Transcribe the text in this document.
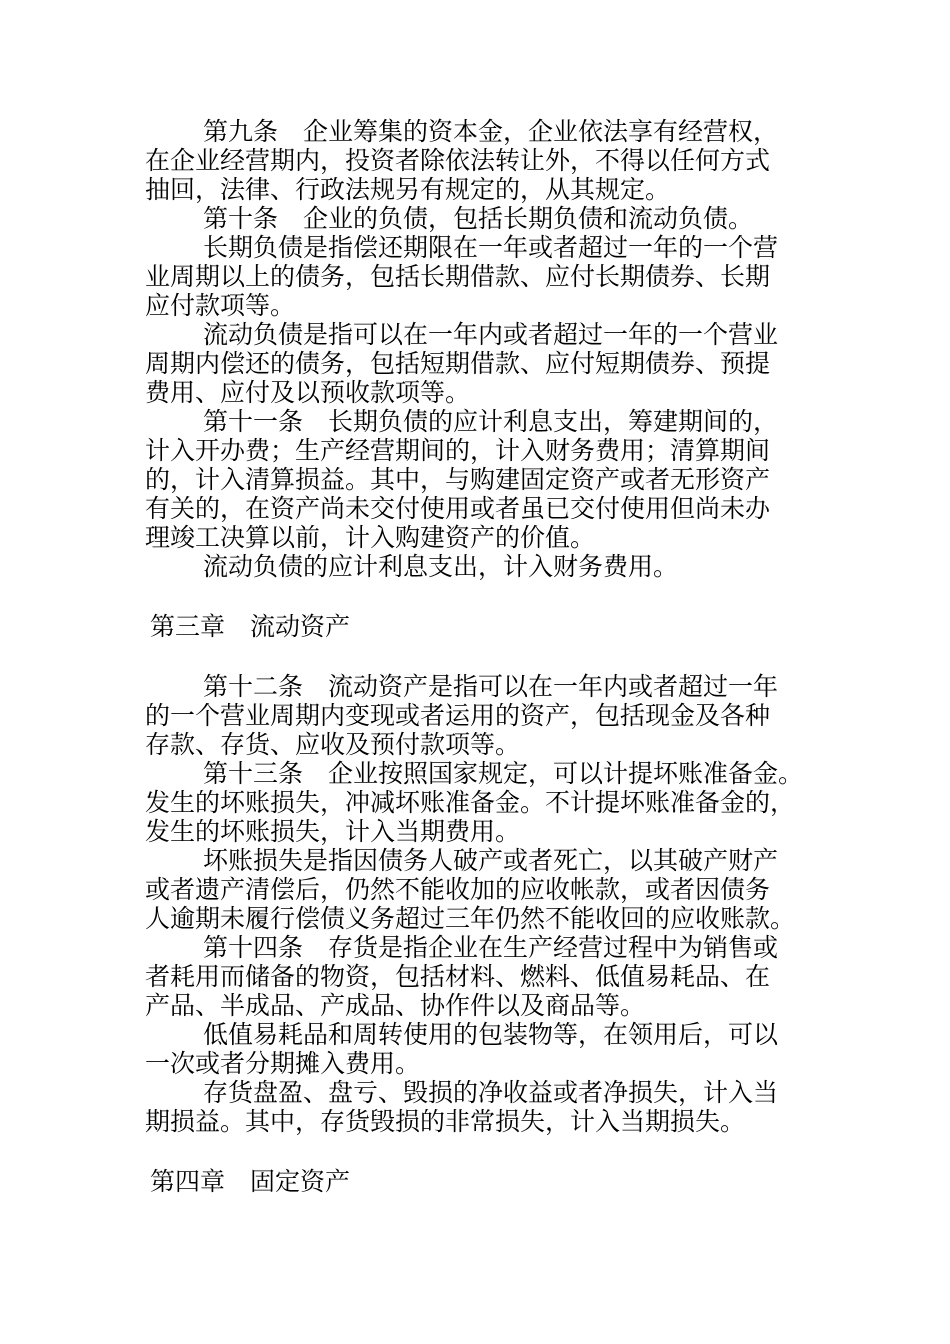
第九条　企业筹集的资本金，企业依法享有经营权，
在企业经营期内，投资者除依法转让外，不得以任何方式
抽回，法律、行政法规另有规定的，从其规定。
第十条　企业的负债，包括长期负债和流动负债。
长期负债是指偿还期限在一年或者超过一年的一个营
业周期以上的债务，包括长期借款、应付长期债券、长期
应付款项等。
流动负债是指可以在一年内或者超过一年的一个营业
周期内偿还的债务，包括短期借款、应付短期债券、预提
费用、应付及以预收款项等。
第十一条　长期负债的应计利息支出，筹建期间的，
计入开办费；生产经营期间的，计入财务费用；清算期间
的，计入清算损益。其中，与购建固定资产或者无形资产
有关的，在资产尚未交付使用或者虽已交付使用但尚未办
理竣工决算以前，计入购建资产的价值。
流动负债的应计利息支出，计入财务费用。
第三章　流动资产
第十二条　流动资产是指可以在一年内或者超过一年
的一个营业周期内变现或者运用的资产，包括现金及各种
存款、存货、应收及预付款项等。
第十三条　企业按照国家规定，可以计提坏账准备金。
发生的坏账损失，冲减坏账准备金。不计提坏账准备金的，
发生的坏账损失，计入当期费用。
坏账损失是指因债务人破产或者死亡，以其破产财产
或者遗产清偿后，仍然不能收加的应收帐款，或者因债务
人逾期未履行偿债义务超过三年仍然不能收回的应收账款。
第十四条　存货是指企业在生产经营过程中为销售或
者耗用而储备的物资，包括材料、燃料、低值易耗品、在
产品、半成品、产成品、协作件以及商品等。
低值易耗品和周转使用的包装物等，在领用后，可以
一次或者分期摊入费用。
存货盘盈、盘亏、毁损的净收益或者净损失，计入当
期损益。其中，存货毁损的非常损失，计入当期损失。
第四章　固定资产
